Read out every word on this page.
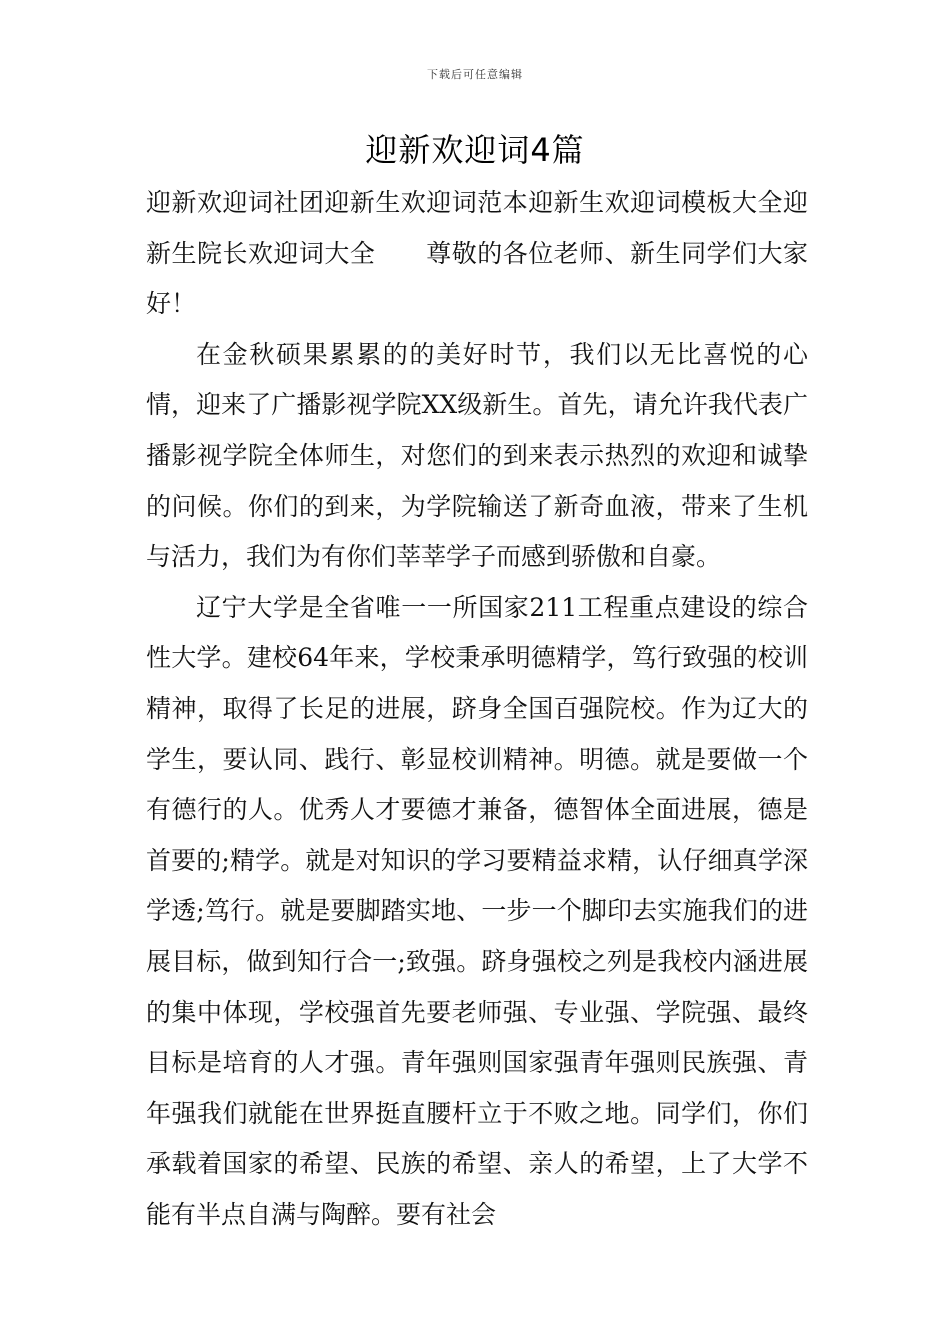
下载后可任意编辑
迎新欢迎词4篇

迎新欢迎词社团迎新生欢迎词范本迎新生欢迎词模板大全迎新生院长欢迎词大全　　尊敬的各位老师、新生同学们大家好！

在金秋硕果累累的的美好时节，我们以无比喜悦的心情，迎来了广播影视学院XX级新生。首先，请允许我代表广播影视学院全体师生，对您们的到来表示热烈的欢迎和诚挚的问候。你们的到来，为学院输送了新奇血液，带来了生机与活力，我们为有你们莘莘学子而感到骄傲和自豪。

辽宁大学是全省唯一一所国家211工程重点建设的综合性大学。建校64年来，学校秉承明德精学，笃行致强的校训精神，取得了长足的进展，跻身全国百强院校。作为辽大的学生，要认同、践行、彰显校训精神。明德。就是要做一个有德行的人。优秀人才要德才兼备，德智体全面进展，德是首要的;精学。就是对知识的学习要精益求精，认仔细真学深学透;笃行。就是要脚踏实地、一步一个脚印去实施我们的进展目标，做到知行合一;致强。跻身强校之列是我校内涵进展的集中体现，学校强首先要老师强、专业强、学院强、最终目标是培育的人才强。青年强则国家强青年强则民族强、青年强我们就能在世界挺直腰杆立于不败之地。同学们，你们承载着国家的希望、民族的希望、亲人的希望，上了大学不能有半点自满与陶醉。要有社会
